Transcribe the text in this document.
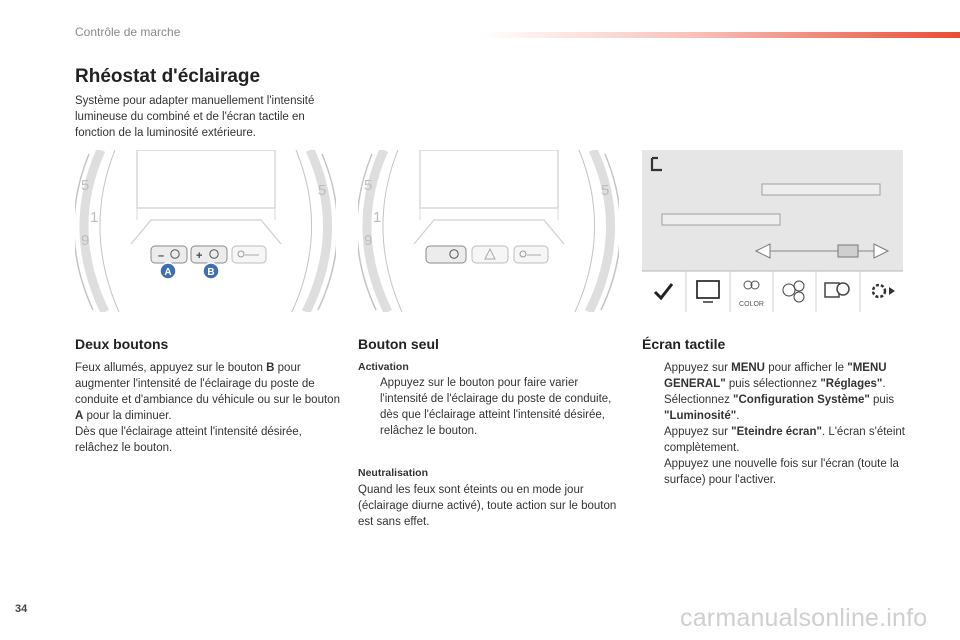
Contrôle de marche
Rhéostat d'éclairage

Système pour adapter manuellement l'intensité lumineuse du combiné et de l'écran tactile en fonction de la luminosité extérieure.

5
1
9
5
–	+
A	B
5
1
9
5
COLOR
Deux boutons

Feux allumés, appuyez sur le bouton B pour augmenter l'intensité de l'éclairage du poste de conduite et d'ambiance du véhicule ou sur le bouton A pour la diminuer.

Dès que l'éclairage atteint l'intensité désirée, relâchez le bouton.

Bouton seul
Activation
Appuyez sur le bouton pour faire varier l'intensité de l'éclairage du poste de conduite,
dès que l'éclairage atteint l'intensité désirée, relâchez le bouton.
Neutralisation

Quand les feux sont éteints ou en mode jour (éclairage diurne activé), toute action sur le bouton est sans effet.

Écran tactile
Appuyez sur MENU pour afficher le "MENU GENERAL" puis sélectionnez "Réglages".
Sélectionnez "Configuration Système" puis "Luminosité".
Appuyez sur "Eteindre écran". L'écran s'éteint complètement.
Appuyez une nouvelle fois sur l'écran (toute la surface) pour l'activer.
34	carmanualsonline.info
